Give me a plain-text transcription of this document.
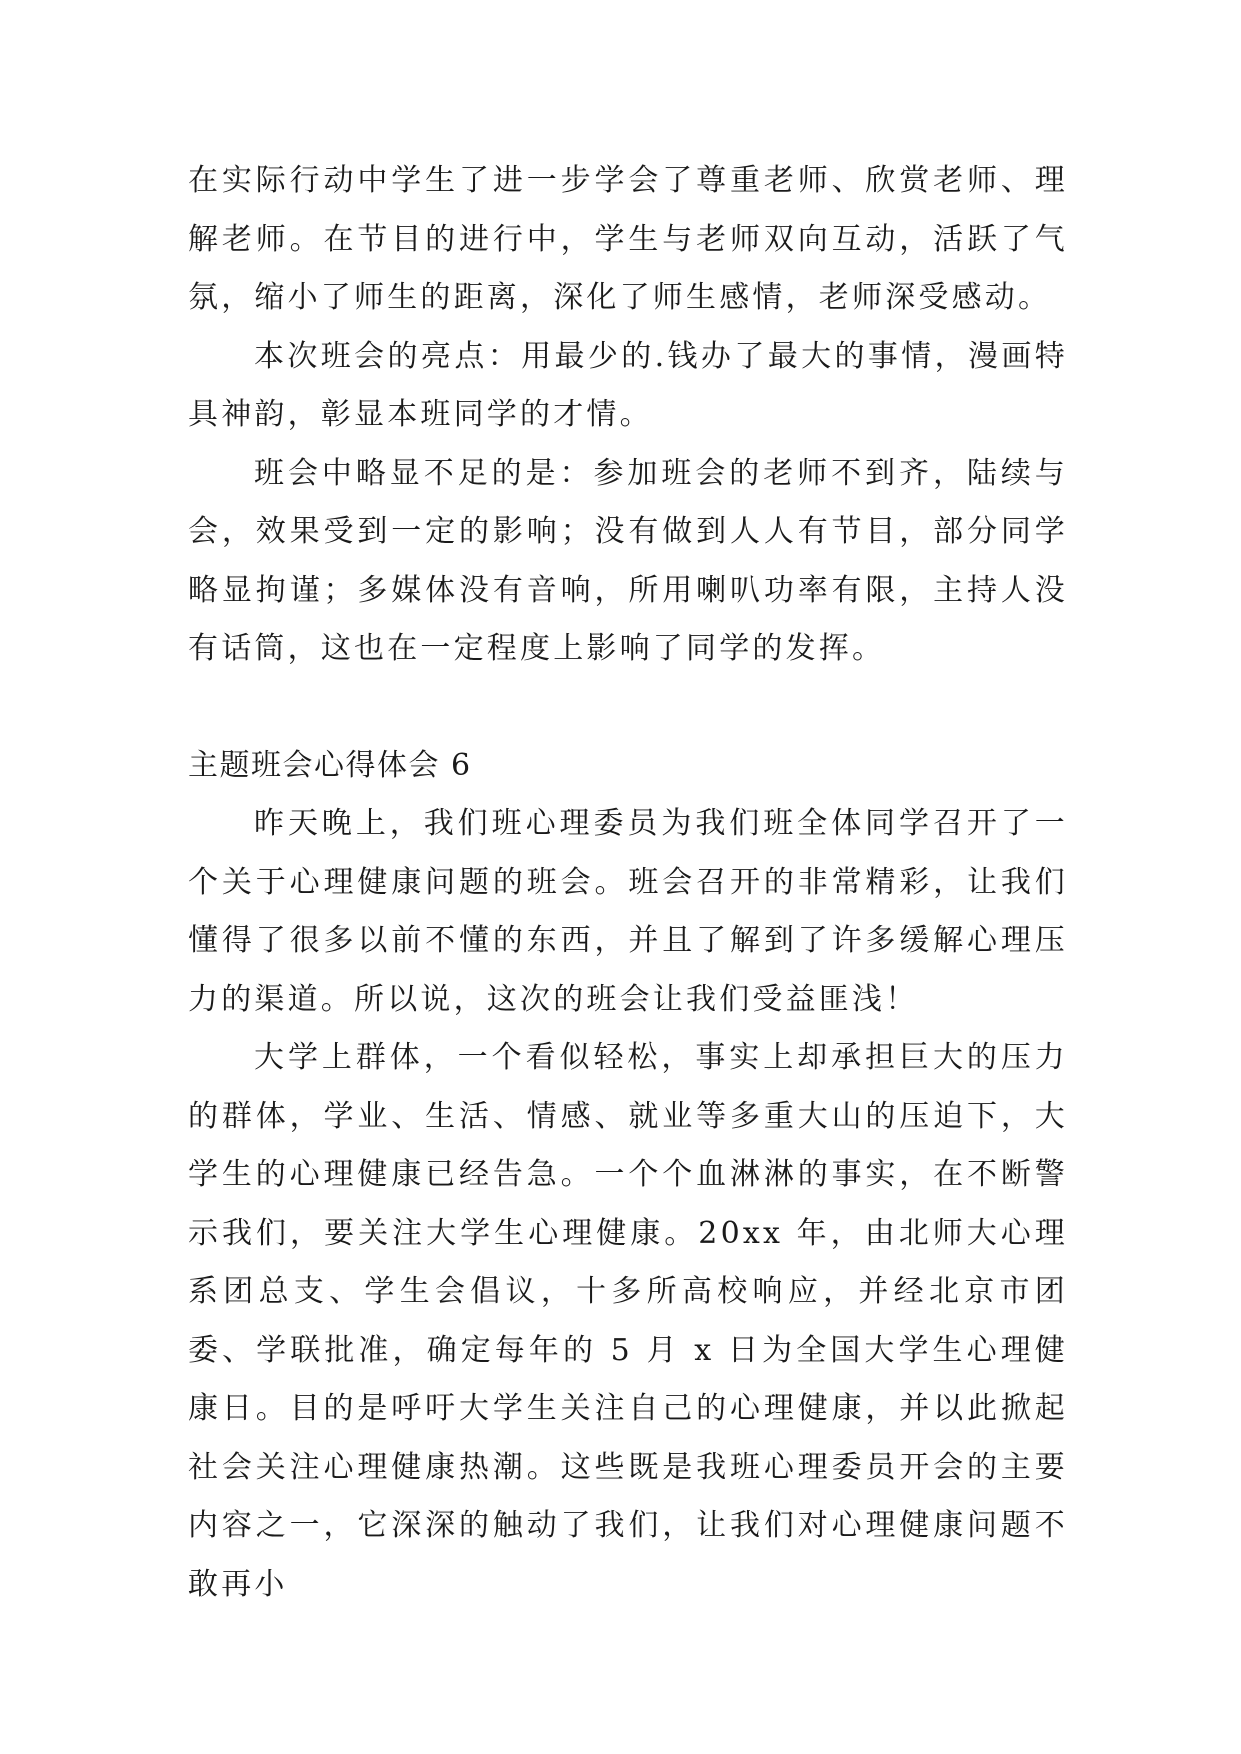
在实际行动中学生了进一步学会了尊重老师、欣赏老师、理解老师。在节目的进行中，学生与老师双向互动，活跃了气氛，缩小了师生的距离，深化了师生感情，老师深受感动。

本次班会的亮点：用最少的.钱办了最大的事情，漫画特具神韵，彰显本班同学的才情。

班会中略显不足的是：参加班会的老师不到齐，陆续与会，效果受到一定的影响；没有做到人人有节目，部分同学略显拘谨；多媒体没有音响，所用喇叭功率有限，主持人没有话筒，这也在一定程度上影响了同学的发挥。

主题班会心得体会 6

昨天晚上，我们班心理委员为我们班全体同学召开了一个关于心理健康问题的班会。班会召开的非常精彩，让我们懂得了很多以前不懂的东西，并且了解到了许多缓解心理压力的渠道。所以说，这次的班会让我们受益匪浅！

大学上群体，一个看似轻松，事实上却承担巨大的压力的群体，学业、生活、情感、就业等多重大山的压迫下，大学生的心理健康已经告急。一个个血淋淋的事实，在不断警示我们，要关注大学生心理健康。20xx 年，由北师大心理系团总支、学生会倡议，十多所高校响应，并经北京市团委、学联批准，确定每年的 5 月 x 日为全国大学生心理健康日。目的是呼吁大学生关注自己的心理健康，并以此掀起社会关注心理健康热潮。这些既是我班心理委员开会的主要内容之一，它深深的触动了我们，让我们对心理健康问题不敢再小
